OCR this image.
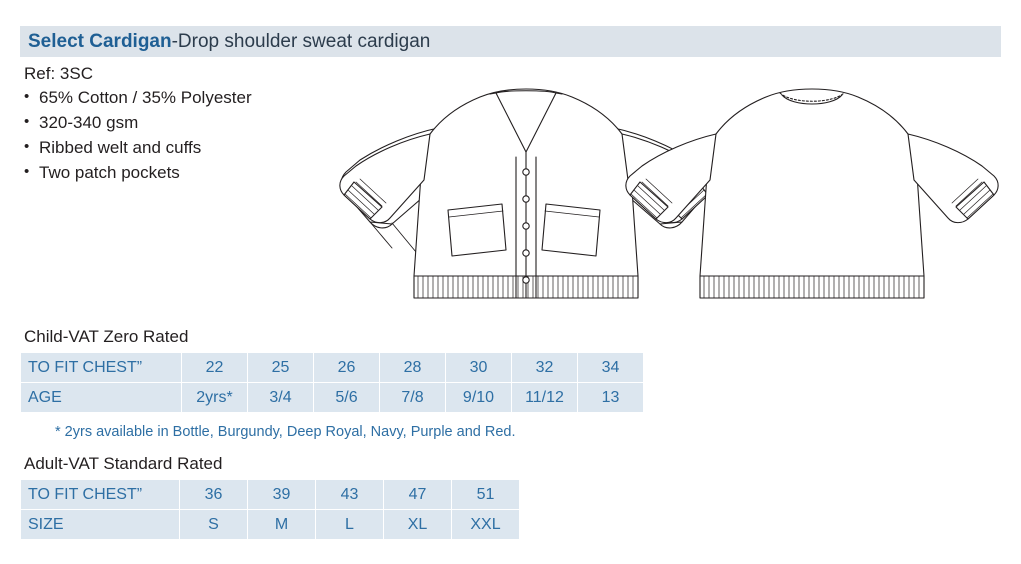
Select Cardigan-Drop shoulder sweat cardigan
Ref: 3SC
• 65% Cotton / 35% Polyester
• 320-340 gsm
• Ribbed welt and cuffs
• Two patch pockets
Child-VAT Zero Rated
TO FIT CHEST”	22	25	26	28	30	32	34
AGE	2yrs*	3/4	5/6	7/8	9/10	11/12	13
* 2yrs available in Bottle, Burgundy, Deep Royal, Navy, Purple and Red.
Adult-VAT Standard Rated
TO FIT CHEST”	36	39	43	47	51
SIZE	S	M	L	XL	XXL
